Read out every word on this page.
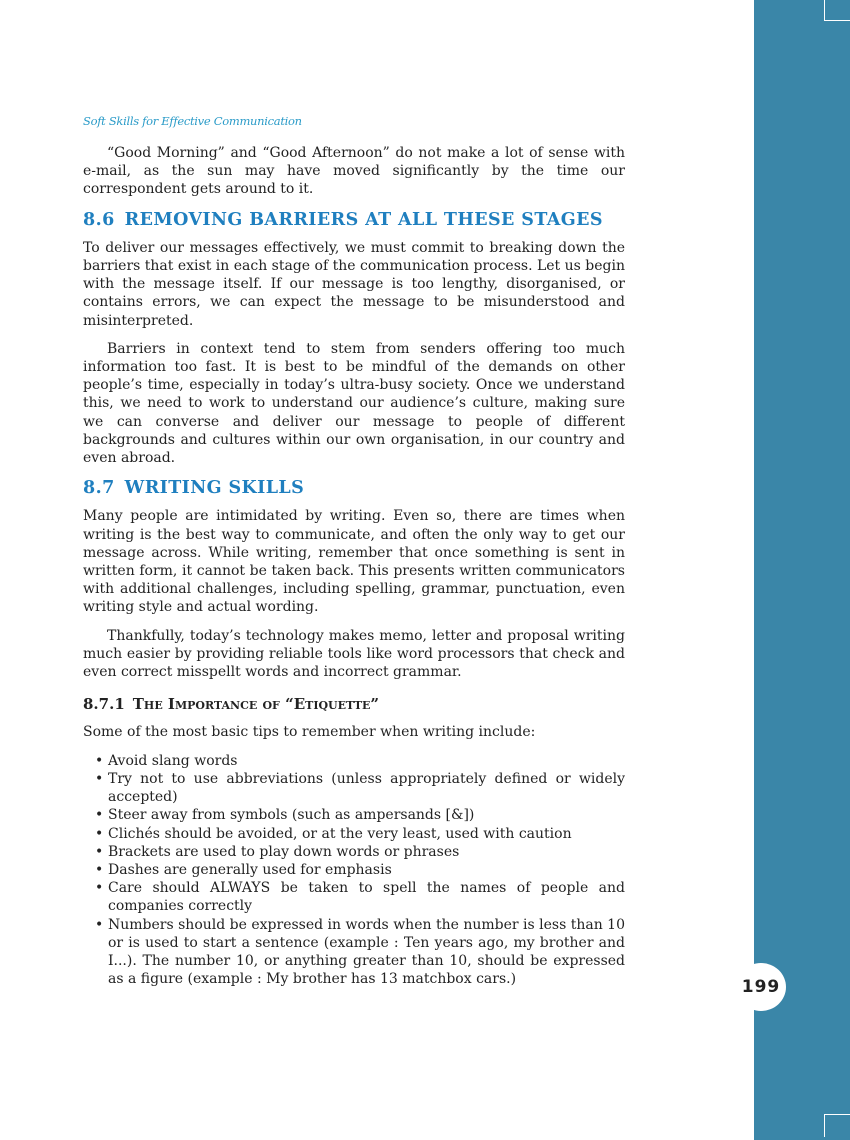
199
Soft Skills for Effective Communication

“Good Morning” and “Good Afternoon” do not make a lot of sense with e-mail, as the sun may have moved significantly by the time our correspondent gets around to it.

8.6 REMOVING BARRIERS AT ALL THESE STAGES

To deliver our messages effectively, we must commit to breaking down the barriers that exist in each stage of the communication process. Let us begin with the message itself. If our message is too lengthy, disorganised, or contains errors, we can expect the message to be misunderstood and misinterpreted.

Barriers in context tend to stem from senders offering too much information too fast. It is best to be mindful of the demands on other people’s time, especially in today’s ultra-busy society. Once we understand this, we need to work to understand our audience’s culture, making sure we can converse and deliver our message to people of different backgrounds and cultures within our own organisation, in our country and even abroad.

8.7 WRITING SKILLS

Many people are intimidated by writing. Even so, there are times when writing is the best way to communicate, and often the only way to get our message across. While writing, remember that once something is sent in written form, it cannot be taken back. This presents written communicators with additional challenges, including spelling, grammar, punctuation, even writing style and actual wording.

Thankfully, today’s technology makes memo, letter and proposal writing much easier by providing reliable tools like word processors that check and even correct misspellt words and incorrect grammar.

8.7.1 The Importance of “Etiquette”

Some of the most basic tips to remember when writing include:

• Avoid slang words
• Try not to use abbreviations (unless appropriately defined or widely accepted)
• Steer away from symbols (such as ampersands [&])
• Clichés should be avoided, or at the very least, used with caution
• Brackets are used to play down words or phrases
• Dashes are generally used for emphasis
• Care should ALWAYS be taken to spell the names of people and companies correctly
• Numbers should be expressed in words when the number is less than 10 or is used to start a sentence (example : Ten years ago, my brother and I...). The number 10, or anything greater than 10, should be expressed as a figure (example : My brother has 13 matchbox cars.)
